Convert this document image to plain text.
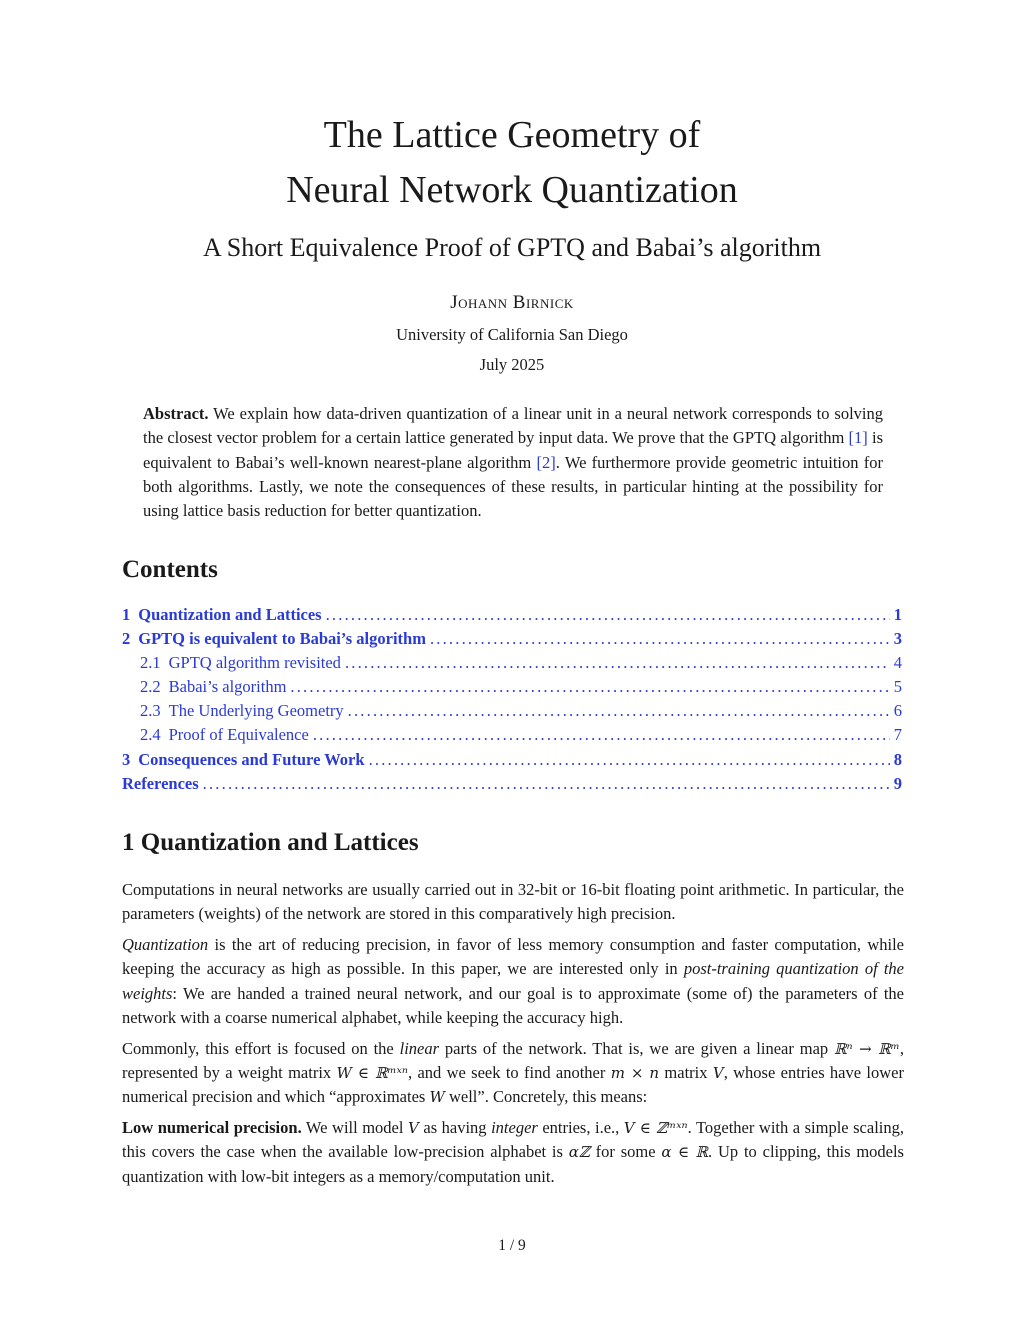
The Lattice Geometry of
Neural Network Quantization
A Short Equivalence Proof of GPTQ and Babai’s algorithm
Johann Birnick
University of California San Diego
July 2025
Abstract. We explain how data-driven quantization of a linear unit in a neural network corresponds to solving the closest vector problem for a certain lattice generated by input data. We prove that the GPTQ algorithm [1] is equivalent to Babai’s well-known nearest-plane algorithm [2]. We furthermore provide geometric intuition for both algorithms. Lastly, we note the consequences of these results, in particular hinting at the possibility for using lattice basis reduction for better quantization.
Contents
1 Quantization and Lattices .....	1
2 GPTQ is equivalent to Babai’s algorithm .....	3
2.1 GPTQ algorithm revisited .....	4
2.2 Babai’s algorithm .....	5
2.3 The Underlying Geometry .....	6
2.4 Proof of Equivalence .....	7
3 Consequences and Future Work .....	8
References .....	9
1 Quantization and Lattices

Computations in neural networks are usually carried out in 32-bit or 16-bit floating point arithmetic. In particular, the parameters (weights) of the network are stored in this comparatively high precision.

Quantization is the art of reducing precision, in favor of less memory consumption and faster computation, while keeping the accuracy as high as possible. In this paper, we are interested only in post-training quantization of the weights: We are handed a trained neural network, and our goal is to approximate (some of) the parameters of the network with a coarse numerical alphabet, while keeping the accuracy high.

Commonly, this effort is focused on the linear parts of the network. That is, we are given a linear map ℝⁿ → ℝᵐ, represented by a weight matrix W ∈ ℝᵐˣⁿ, and we seek to find another m × n matrix V, whose entries have lower numerical precision and which “approximates W well”. Concretely, this means:

Low numerical precision. We will model V as having integer entries, i.e., V ∈ ℤᵐˣⁿ. Together with a simple scaling, this covers the case when the available low-precision alphabet is αℤ for some α ∈ ℝ. Up to clipping, this models quantization with low-bit integers as a memory/computation unit.

1 / 9
